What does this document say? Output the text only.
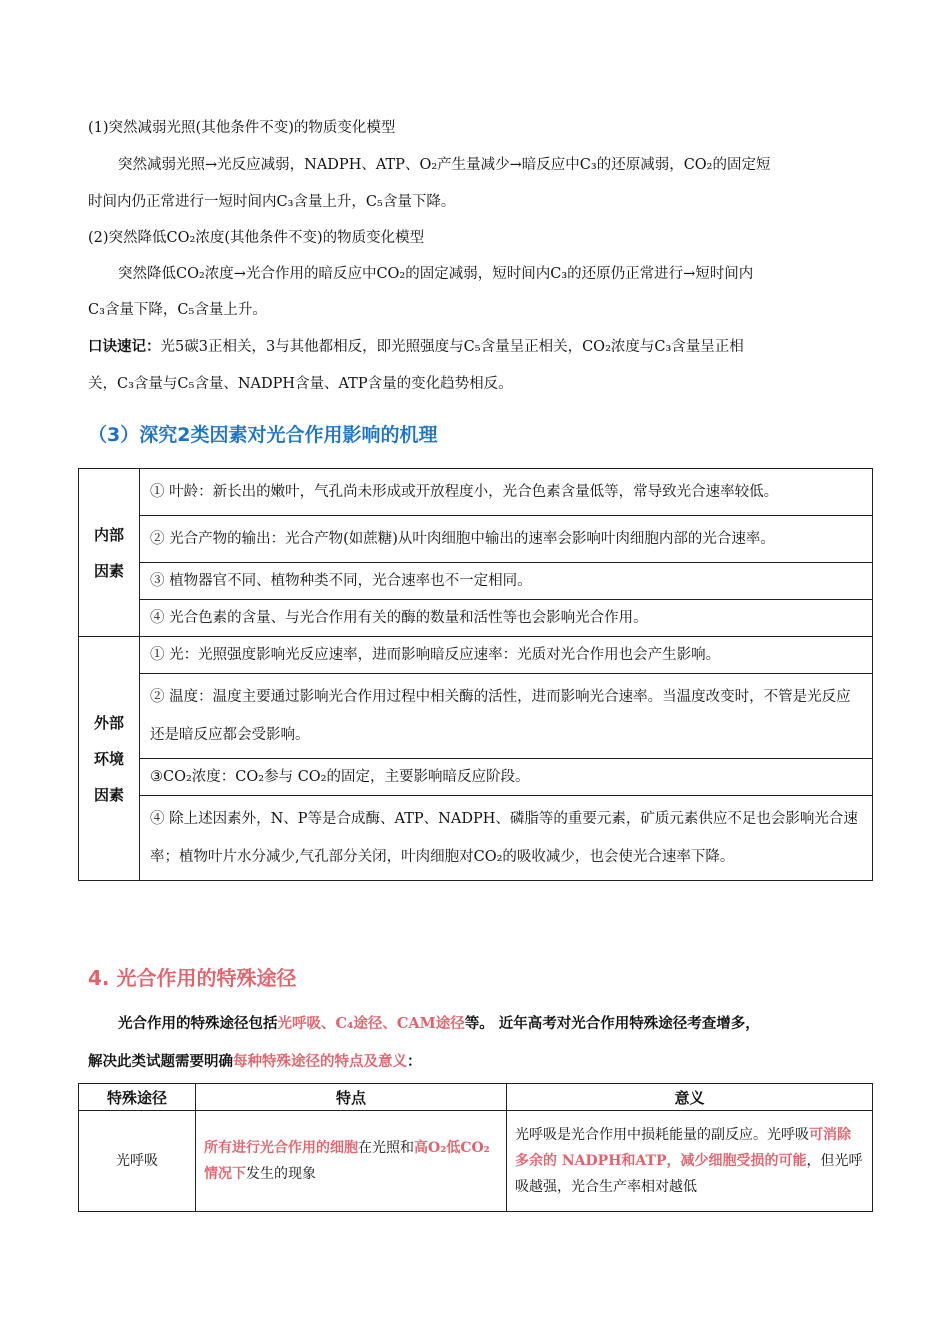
(1)突然减弱光照(其他条件不变)的物质变化模型
突然减弱光照→光反应减弱，NADPH、ATP、O₂产生量减少→暗反应中C₃的还原减弱，CO₂的固定短
时间内仍正常进行一短时间内C₃含量上升，C₅含量下降。
(2)突然降低CO₂浓度(其他条件不变)的物质变化模型
突然降低CO₂浓度→光合作用的暗反应中CO₂的固定减弱，短时间内C₃的还原仍正常进行→短时间内
C₃含量下降，C₅含量上升。
口诀速记：光5碳3正相关，3与其他都相反，即光照强度与C₅含量呈正相关，CO₂浓度与C₃含量呈正相
关，C₃含量与C₅含量、NADPH含量、ATP含量的变化趋势相反。
（3）深究2类因素对光合作用影响的机理
内部
因素	① 叶龄：新长出的嫩叶，气孔尚未形成或开放程度小，光合色素含量低等，常导致光合速率较低。
	② 光合产物的输出：光合产物(如蔗糖)从叶肉细胞中输出的速率会影响叶肉细胞内部的光合速率。
	③ 植物器官不同、植物种类不同，光合速率也不一定相同。
	④ 光合色素的含量、与光合作用有关的酶的数量和活性等也会影响光合作用。
外部
环境
因素	① 光：光照强度影响光反应速率，进而影响暗反应速率：光质对光合作用也会产生影响。
	② 温度：温度主要通过影响光合作用过程中相关酶的活性，进而影响光合速率。当温度改变时，不管是光反应还是暗反应都会受影响。
	③CO₂浓度：CO₂参与 CO₂的固定，主要影响暗反应阶段。
	④ 除上述因素外，N、P等是合成酶、ATP、NADPH、磷脂等的重要元素，矿质元素供应不足也会影响光合速率；植物叶片水分减少,气孔部分关闭，叶肉细胞对CO₂的吸收减少，也会使光合速率下降。
4. 光合作用的特殊途径
光合作用的特殊途径包括光呼吸、C₄途径、CAM途径等。 近年高考对光合作用特殊途径考查增多，
解决此类试题需要明确每种特殊途径的特点及意义：
特殊途径	特点	意义
光呼吸	所有进行光合作用的细胞在光照和高O₂低CO₂情况下发生的现象	光呼吸是光合作用中损耗能量的副反应。光呼吸可消除多余的 NADPH和ATP，减少细胞受损的可能，但光呼吸越强，光合生产率相对越低
